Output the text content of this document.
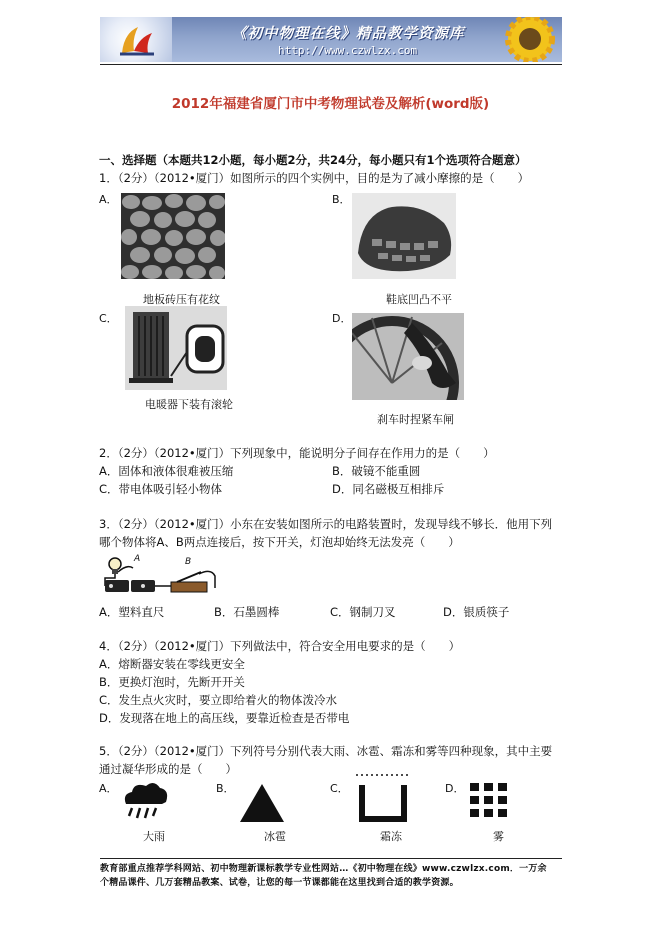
《初中物理在线》精品教学资源库
http://www.czwlzx.com
2012年福建省厦门市中考物理试卷及解析(word版)
一、选择题（本题共12小题，每小题2分，共24分，每小题只有1个选项符合题意）
1．（2分）（2012•厦门）如图所示的四个实例中，目的是为了减小摩擦的是（　　）
A．
地板砖压有花纹
B．
鞋底凹凸不平
C．
电暖器下装有滚轮
D．
刹车时捏紧车闸
2．（2分）（2012•厦门）下列现象中，能说明分子间存在作用力的是（　　）
A．固体和液体很难被压缩	B．破镜不能重圆
C．带电体吸引轻小物体	D．同名磁极互相排斥
3．（2分）（2012•厦门）小东在安装如图所示的电路装置时，发现导线不够长．他用下列
哪个物体将A、B两点连接后，按下开关，灯泡却始终无法发亮（　　）
A	B
A．塑料直尺	B．石墨圆棒	C．钢制刀叉	D．银质筷子
4．（2分）（2012•厦门）下列做法中，符合安全用电要求的是（　　）
A．熔断器安装在零线更安全
B．更换灯泡时，先断开开关
C．发生点火灾时，要立即给着火的物体泼冷水
D．发现落在地上的高压线，要靠近检查是否带电
5．（2分）（2012•厦门）下列符号分别代表大雨、冰雹、霜冻和雾等四种现象，其中主要
通过凝华形成的是（　　）
A．
大雨
B．
冰雹
C．
霜冻
D．
雾
教育部重点推荐学科网站、初中物理新课标教学专业性网站…《初中物理在线》www.czwlzx.com．一万余
个精品课件、几万套精品教案、试卷，让您的每一节课都能在这里找到合适的教学资源。
